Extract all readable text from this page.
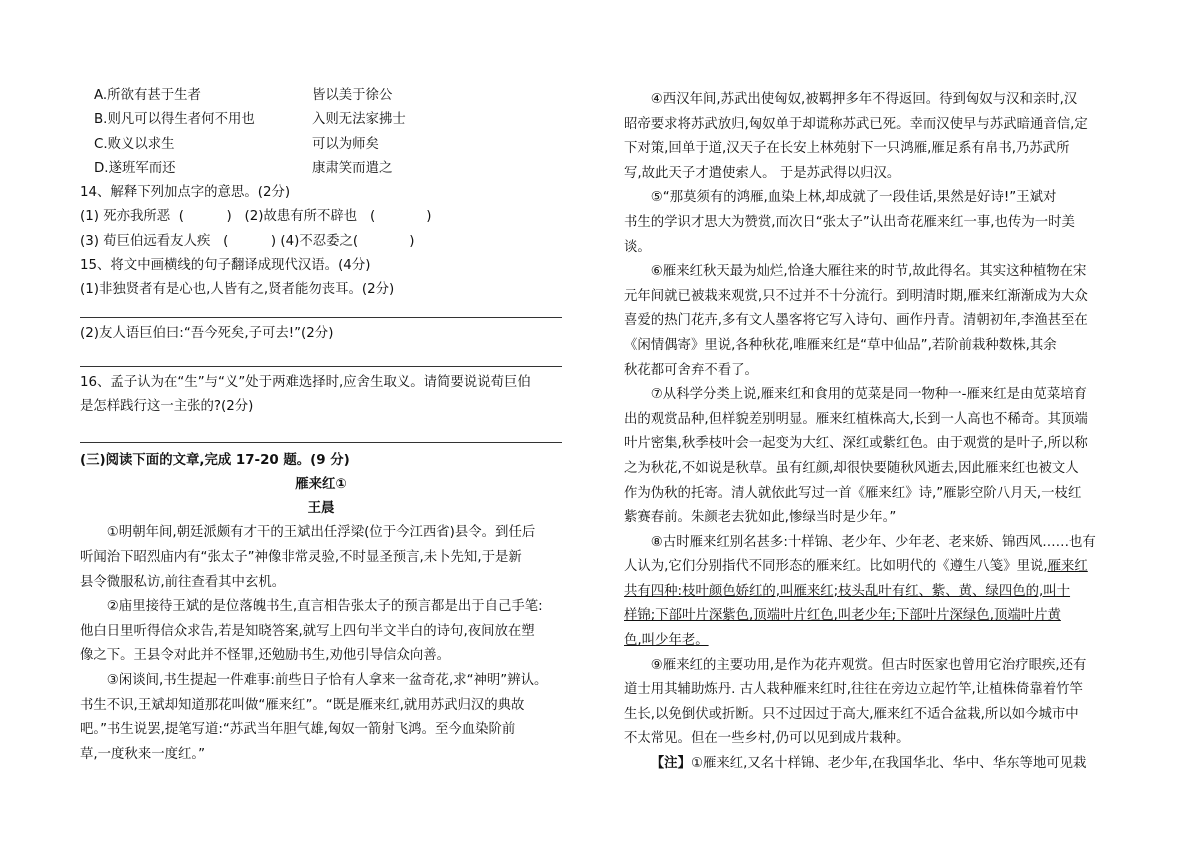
A.所欲有甚于生者	皆以美于徐公
B.则凡可以得生者何不用也	入则无法家拂士
C.败义以求生	可以为师矣
D.遂班军而还	康肃笑而遣之
14、解释下列加点字的意思。(2分)
(1) 死亦我所恶  (          )   (2)故患有所不辟也   (            )
(3) 荀巨伯远看友人疾   (          ) (4)不忍委之(            )
15、将文中画横线的句子翻译成现代汉语。(4分)
(1)非独贤者有是心也,人皆有之,贤者能勿丧耳。(2分)
(2)友人语巨伯曰:“吾今死矣,子可去!”(2分)
16、孟子认为在“生”与“义”处于两难选择时,应舍生取义。请简要说说荀巨伯
是怎样践行这一主张的?(2分)
(三)阅读下面的文章,完成 17-20 题。(9 分)
雁来红①
王晨
①明朝年间,朝廷派颇有才干的王斌出任浮梁(位于今江西省)县令。到任后
听闻治下昭烈庙内有“张太子”神像非常灵验,不时显圣预言,未卜先知,于是新
县令微服私访,前往查看其中玄机。
②庙里接待王斌的是位落魄书生,直言相告张太子的预言都是出于自己手笔:
他白日里听得信众求告,若是知晓答案,就写上四句半文半白的诗句,夜间放在塑
像之下。王县令对此并不怪罪,还勉励书生,劝他引导信众向善。
③闲谈间,书生提起一件难事:前些日子恰有人拿来一盆奇花,求“神明”辨认。
书生不识,王斌却知道那花叫做“雁来红”。“既是雁来红,就用苏武归汉的典故
吧。”书生说罢,提笔写道:“苏武当年胆气雄,匈奴一箭射飞鸿。至今血染阶前
草,一度秋来一度红。”
④西汉年间,苏武出使匈奴,被羁押多年不得返回。待到匈奴与汉和亲时,汉
昭帝要求将苏武放归,匈奴单于却谎称苏武已死。幸而汉使早与苏武暗通音信,定
下对策,回单于道,汉天子在长安上林苑射下一只鸿雁,雁足系有帛书,乃苏武所
写,故此天子才遣使索人。 于是苏武得以归汉。
⑤“那莫须有的鸿雁,血染上林,却成就了一段佳话,果然是好诗!”王斌对
书生的学识才思大为赞赏,而次日“张太子”认出奇花雁来红一事,也传为一时美
谈。
⑥雁来红秋天最为灿烂,恰逢大雁往来的时节,故此得名。其实这种植物在宋
元年间就已被栽来观赏,只不过并不十分流行。到明清时期,雁来红渐渐成为大众
喜爱的热门花卉,多有文人墨客将它写入诗句、画作丹青。清朝初年,李渔甚至在
《闲情偶寄》里说,各种秋花,唯雁来红是“草中仙品”,若阶前栽种数株,其余
秋花都可舍弃不看了。
⑦从科学分类上说,雁来红和食用的苋菜是同一物种一-雁来红是由苋菜培育
出的观赏品种,但样貌差别明显。雁来红植株高大,长到一人高也不稀奇。其顶端
叶片密集,秋季枝叶会一起变为大红、深红或紫红色。由于观赏的是叶子,所以称
之为秋花,不如说是秋草。虽有红颜,却很快要随秋风逝去,因此雁来红也被文人
作为伪秋的托寄。清人就依此写过一首《雁来红》诗,”雁影空阶八月天,一枝红
紫赛春前。朱颜老去犹如此,惨绿当时是少年。”
⑧古时雁来红别名甚多:十样锦、老少年、少年老、老来娇、锦西风……也有
人认为,它们分别指代不同形态的雁来红。比如明代的《遵生八笺》里说,雁来红
共有四种:枝叶颜色娇红的,叫雁来红;枝头乱叶有红、紫、黄、绿四色的,叫十
样锦;下部叶片深紫色,顶端叶片红色,叫老少年;下部叶片深绿色,顶端叶片黄
色,叫少年老。
⑨雁来红的主要功用,是作为花卉观赏。但古时医家也曾用它治疗眼疾,还有
道士用其辅助炼丹. 古人栽种雁来红时,往往在旁边立起竹竿,让植株倚靠着竹竿
生长,以免倒伏或折断。只不过因过于高大,雁来红不适合盆栽,所以如今城市中
不太常见。但在一些乡村,仍可以见到成片栽种。
【注】①雁来红,又名十样锦、老少年,在我国华北、华中、华东等地可见栽
